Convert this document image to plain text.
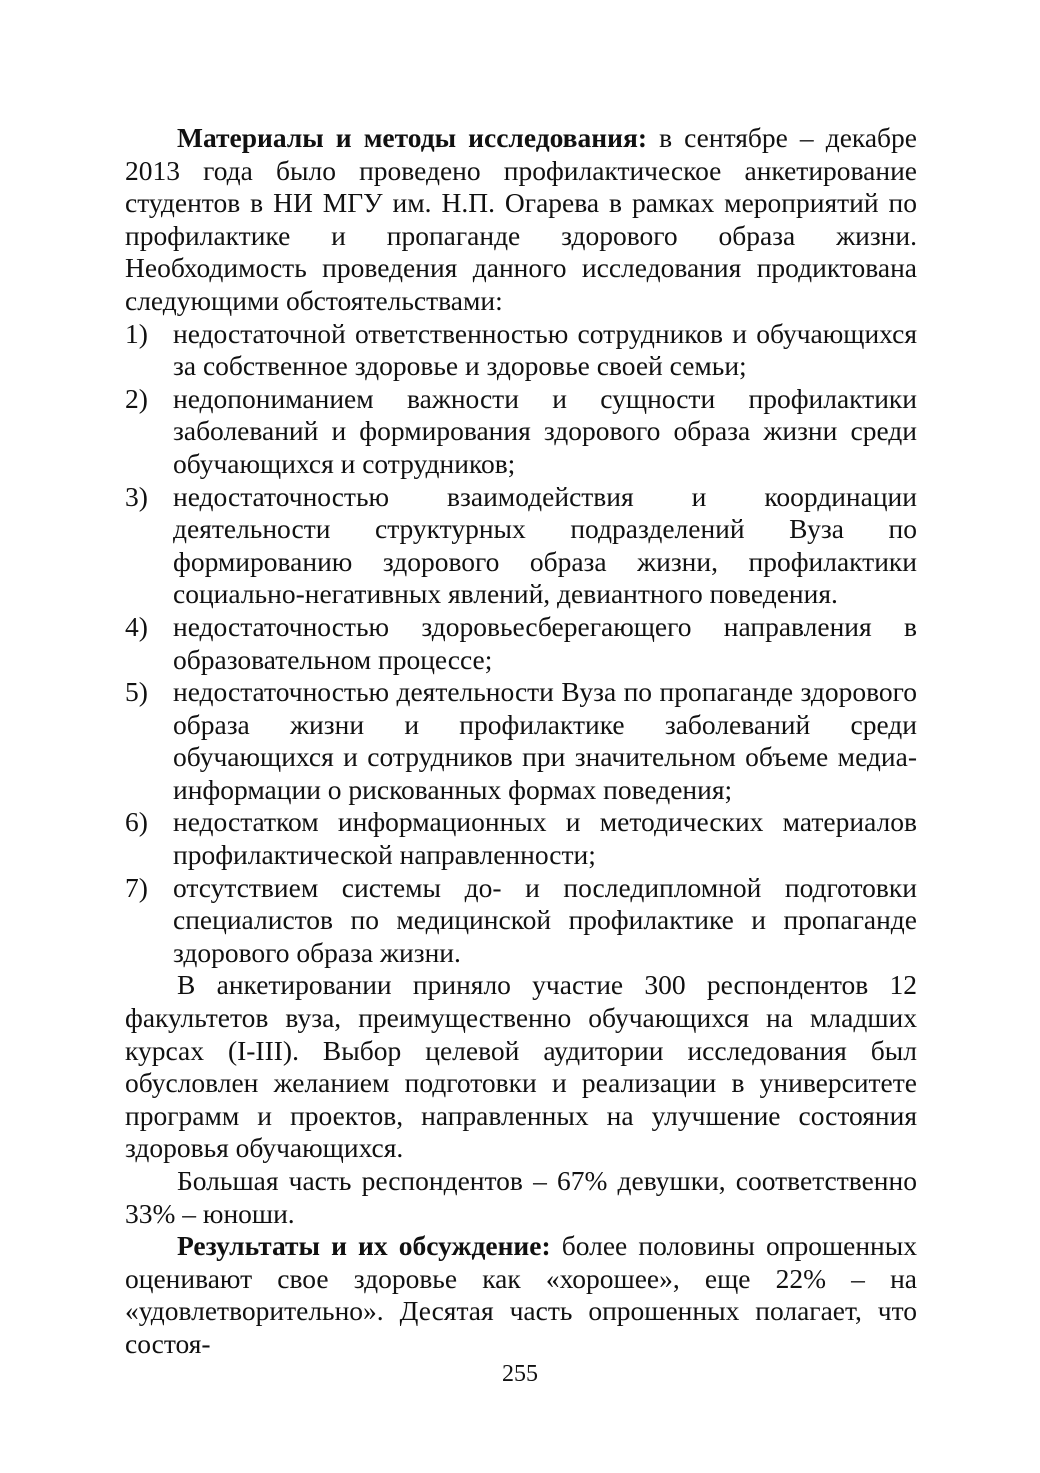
Материалы и методы исследования: в сентябре – декабре 2013 года было проведено профилактическое анкетирование студентов в НИ МГУ им. Н.П. Огарева в рамках мероприятий по профилактике и пропаганде здорового образа жизни. Необходимость проведения данного исследования продиктована следующими обстоятельствами:

1) недостаточной ответственностью сотрудников и обучающихся за собственное здоровье и здоровье своей семьи;
2) недопониманием важности и сущности профилактики заболеваний и формирования здорового образа жизни среди обучающихся и сотрудников;
3) недостаточностью взаимодействия и координации деятельности структурных подразделений Вуза по формированию здорового образа жизни, профилактики социально-негативных явлений, девиантного поведения.
4) недостаточностью здоровьесберегающего направления в образовательном процессе;
5) недостаточностью деятельности Вуза по пропаганде здорового образа жизни и профилактике заболеваний среди обучающихся и сотрудников при значительном объеме медиа-информации о рискованных формах поведения;
6) недостатком информационных и методических материалов профилактической направленности;
7) отсутствием системы до- и последипломной подготовки специалистов по медицинской профилактике и пропаганде здорового образа жизни.

В анкетировании приняло участие 300 респондентов 12 факультетов вуза, преимущественно обучающихся на младших курсах (I-III). Выбор целевой аудитории исследования был обусловлен желанием подготовки и реализации в университете программ и проектов, направленных на улучшение состояния здоровья обучающихся.

Большая часть респондентов – 67% девушки, соответственно 33% – юноши.

Результаты и их обсуждение: более половины опрошенных оценивают свое здоровье как «хорошее», еще 22% – на «удовлетворительно». Десятая часть опрошенных полагает, что состоя-

255
